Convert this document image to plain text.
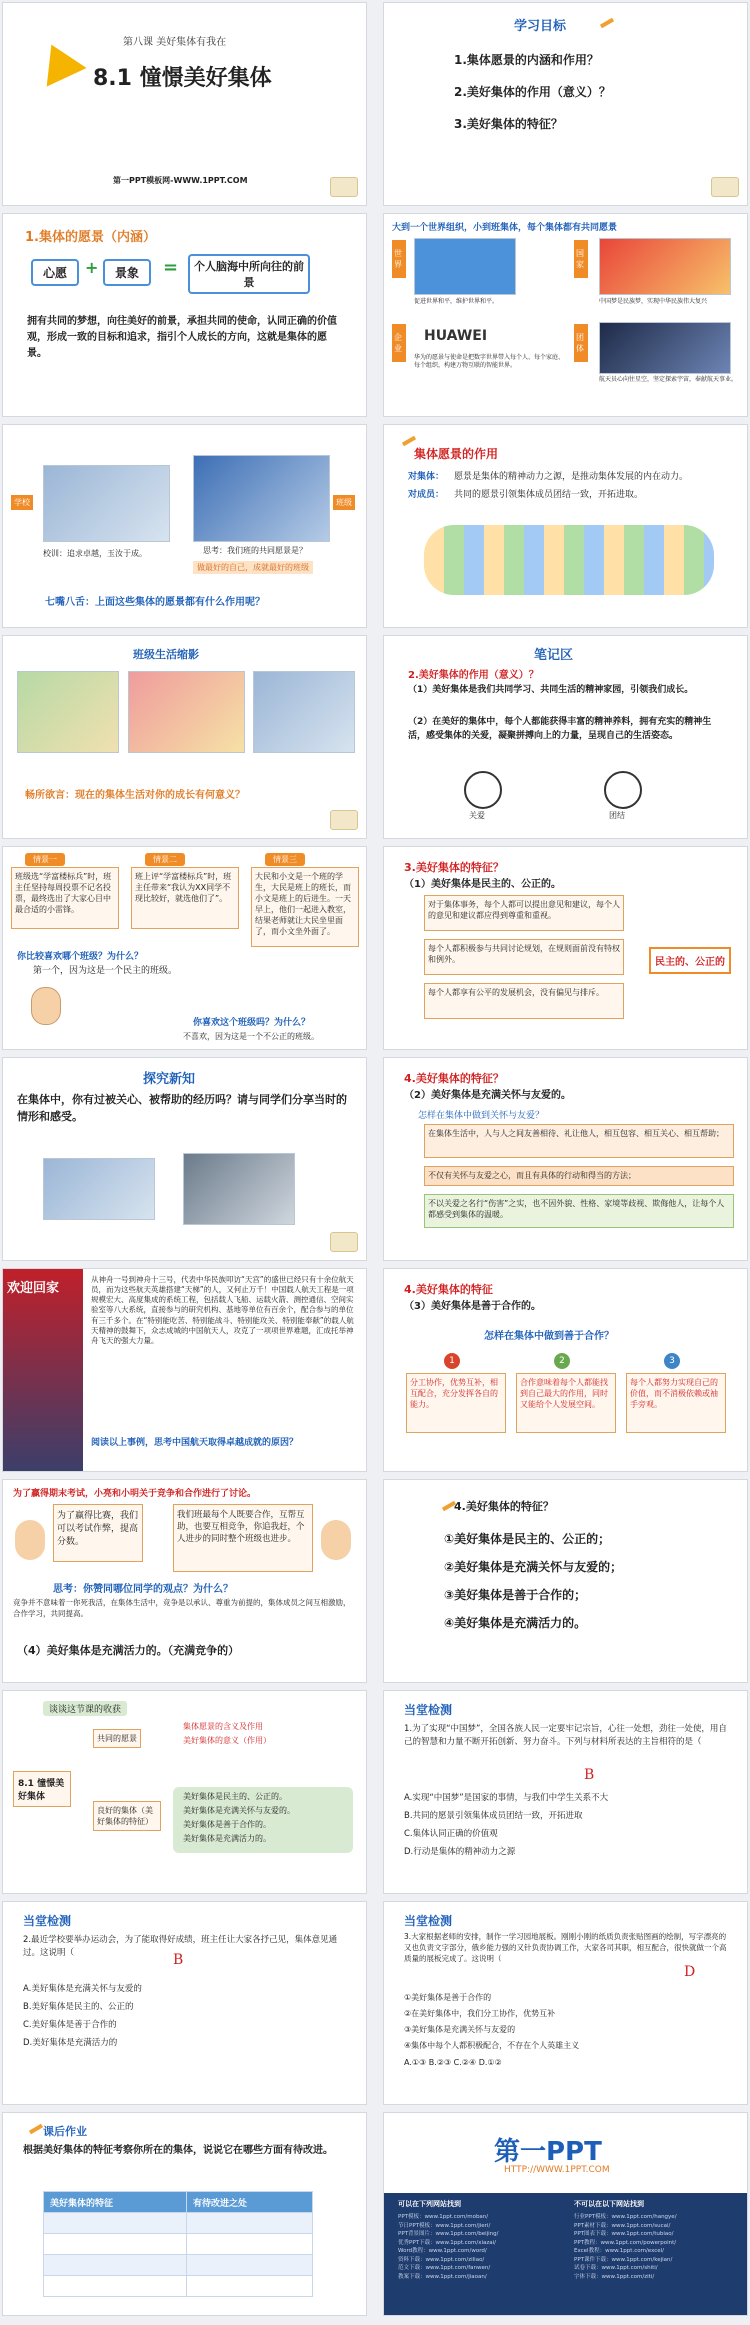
第八课 美好集体有我在
8.1 憧憬美好集体
第一PPT模板网-WWW.1PPT.COM
学习目标
1.集体愿景的内涵和作用？
2.美好集体的作用（意义）？
3.美好集体的特征？
1.集体的愿景（内涵）
心愿	+	景象	=	个人脑海中所向往的前景
拥有共同的梦想，向往美好的前景，承担共同的使命，认同正确的价值观，形成一致的目标和追求，指引个人成长的方向，这就是集体的愿景。
大到一个世界组织，小到班集体，每个集体都有共同愿景
世界
促进世界和平，维护世界和平。
国家
中国梦是民族梦，实现中华民族伟大复兴
企业
HUAWEI
华为的愿景与使命是把数字世界带入每个人、每个家庭、每个组织，构建万物互联的智能世界。
团体
航天员心向往星空，坚定探索宇宙，奉献航天事业。
学校	班级
校训：追求卓越，玉汝于成。	思考：我们班的共同愿景是？
做最好的自己，成就最好的班级
七嘴八舌：上面这些集体的愿景都有什么作用呢？
集体愿景的作用
对集体： 愿景是集体的精神动力之源，是推动集体发展的内在动力。
对成员： 共同的愿景引领集体成员团结一致，开拓进取。
班级生活缩影
畅所欲言：现在的集体生活对你的成长有何意义？
笔记区
2.美好集体的作用（意义）？
（1）美好集体是我们共同学习、共同生活的精神家园，引领我们成长。
（2）在美好的集体中，每个人都能获得丰富的精神养料，拥有充实的精神生活，感受集体的关爱，凝聚拼搏向上的力量，呈现自己的生活姿态。
关爱	团结
情景一	情景二	情景三
班级选“学富楼标兵”时，班主任坚持每周投票不记名投票，最终选出了大家心目中最合适的小雷锋。
班上评“学富楼标兵”时，班主任带来“我认为XX同学不现比较好，就选他们了”。
大民和小文是一个班的学生，大民是班上的班长，而小文是班上的后进生。一天早上，他们一起进入教室，结果老师就让大民坐里面了，而小文坐外面了。
你比较喜欢哪个班级？为什么？
第一个，因为这是一个民主的班级。
你喜欢这个班级吗？为什么？
不喜欢，因为这是一个不公正的班级。
3.美好集体的特征？
（1）美好集体是民主的、公正的。
对于集体事务，每个人都可以提出意见和建议，每个人的意见和建议都应得到尊重和重视。
每个人都积极参与共同讨论规划，在规则面前没有特权和例外。
每个人都享有公平的发展机会，没有偏见与排斥。
民主的、公正的
探究新知
在集体中，你有过被关心、被帮助的经历吗？请与同学们分享当时的情形和感受。
4.美好集体的特征？
（2）美好集体是充满关怀与友爱的。
怎样在集体中做到关怀与友爱？
在集体生活中，人与人之间友善相待、礼让他人，相互包容、相互关心、相互帮助；
不仅有关怀与友爱之心，而且有具体的行动和得当的方法；
不以关爱之名行“伤害”之实，也不因外貌、性格、家境等歧视、欺侮他人，让每个人都感受到集体的温暖。
欢迎回家
从神舟一号到神舟十三号，代表中华民族叩访“天宫”的盛世已经只有十余位航天员，而为这些航天英雄搭建“天梯”的人，又何止万千！中国载人航天工程是一项规模宏大、高度集成的系统工程，包括载人飞船、运载火箭、测控通信、空间实验室等八大系统，直接参与的研究机构、基地等单位有百余个，配合参与的单位有三千多个。在“特别能吃苦、特别能战斗、特别能攻关、特别能奉献”的载人航天精神的鼓舞下，众志成城的中国航天人，攻克了一项项世界难题，汇成托举神舟飞天的强大力量。
阅读以上事例，思考中国航天取得卓越成就的原因？
4.美好集体的特征
（3）美好集体是善于合作的。
怎样在集体中做到善于合作？
1	2	3
分工协作，优势互补，相互配合，充分发挥各自的能力。
合作意味着每个人都能找到自己最大的作用，同时又能给个人发展空间。
每个人都努力实现自己的价值，而不消极依赖或袖手旁观。
为了赢得期末考试，小亮和小明关于竞争和合作进行了讨论。
为了赢得比赛，我们可以考试作弊，提高分数。
我们班最每个人既要合作，互帮互助，也要互相竞争，你追我赶，个人进步的同时整个班级也进步。
思考：你赞同哪位同学的观点？为什么？
竞争并不意味着一你死我活，在集体生活中，竞争是以承认、尊重为前提的，集体成员之间互相激励，合作学习，共同提高。
（4）美好集体是充满活力的。（充满竞争的）
4.美好集体的特征？
①美好集体是民主的、公正的；
②美好集体是充满关怀与友爱的；
③美好集体是善于合作的；
④美好集体是充满活力的。
谈谈这节课的收获
8.1 憧憬美好集体
共同的愿景
良好的集体（美好集体的特征）
集体愿景的含义及作用
美好集体的意义（作用）
美好集体是民主的、公正的。
美好集体是充满关怀与友爱的。
美好集体是善于合作的。
美好集体是充满活力的。
当堂检测
1.为了实现“中国梦”，全国各族人民一定要牢记宗旨，心往一处想，劲往一处使，用自己的智慧和力量不断开拓创新、努力奋斗。下列与材料所表达的主旨相符的是（
B
A.实现“中国梦”是国家的事情，与我们中学生关系不大
B.共同的愿景引领集体成员团结一致，开拓进取
C.集体认同正确的价值观
D.行动是集体的精神动力之源
当堂检测
2.最近学校要举办运动会，为了能取得好成绩，班主任让大家各抒己见，集体意见通过。这说明（	B
A.美好集体是充满关怀与友爱的
B.美好集体是民主的、公正的
C.美好集体是善于合作的
D.美好集体是充满活力的
当堂检测
3.大家根据老师的安排，制作一学习园地展板。刚刚小刚的纸质负责张贴图画的绘制，写字漂亮的又也负责文字部分，俄乡能力强的又针负责协调工作，大家各司其职，相互配合，很快就做一个高质量的展板完成了。这说明（
D
①美好集体是善于合作的
②在美好集体中，我们分工协作，优势互补
③美好集体是充满关怀与友爱的
④集体中每个人都积极配合，不存在个人英雄主义
A.①③ B.②③ C.②④ D.①②
课后作业
根据美好集体的特征考察你所在的集体，说说它在哪些方面有待改进。
美好集体的特征	有待改进之处

第一PPT
HTTP://WWW.1PPT.COM
可以在下列网站找到	不可以在以下网站找到
PPT模板：www.1ppt.com/moban/
节日PPT模板：www.1ppt.com/jieri/
PPT背景图片：www.1ppt.com/beijing/
优秀PPT下载：www.1ppt.com/xiazai/
Word教程：www.1ppt.com/word/
资料下载：www.1ppt.com/ziliao/
范文下载：www.1ppt.com/fanwen/
教案下载：www.1ppt.com/jiaoan/
行业PPT模板：www.1ppt.com/hangye/
PPT素材下载：www.1ppt.com/sucai/
PPT图表下载：www.1ppt.com/tubiao/
PPT教程：www.1ppt.com/powerpoint/
Excel教程：www.1ppt.com/excel/
PPT课件下载：www.1ppt.com/kejian/
试卷下载：www.1ppt.com/shiti/
字体下载：www.1ppt.com/ziti/
